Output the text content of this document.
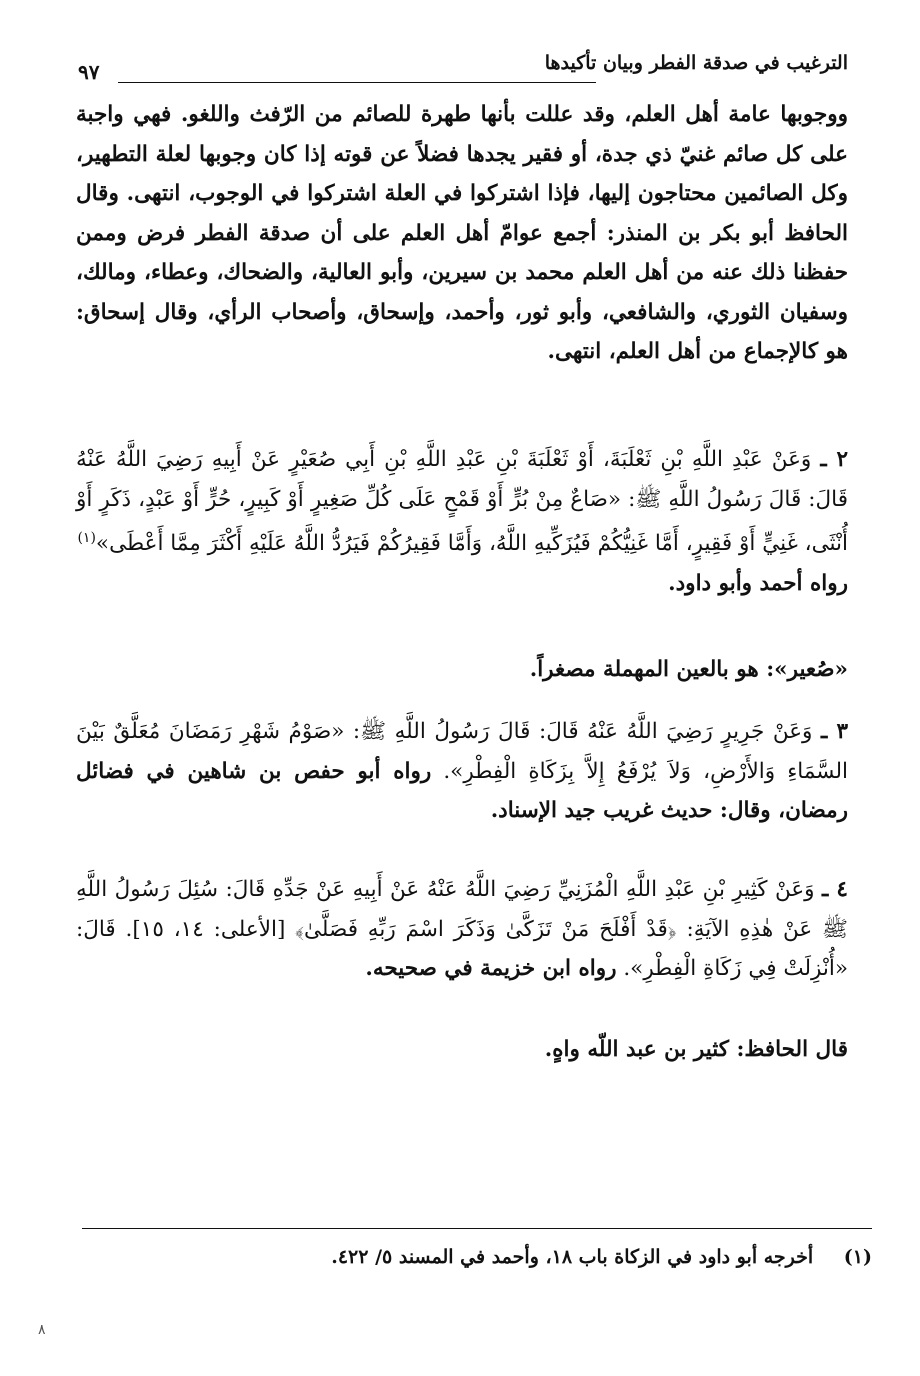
الترغيب في صدقة الفطر وبيان تأكيدها
٩٧

ووجوبها عامة أهل العلم، وقد عللت بأنها طهرة للصائم من الرّفث واللغو. فهي واجبة على كل صائم غنيّ ذي جدة، أو فقير يجدها فضلاً عن قوته إذا كان وجوبها لعلة التطهير، وكل الصائمين محتاجون إليها، فإذا اشتركوا في العلة اشتركوا في الوجوب، انتهى. وقال الحافظ أبو بكر بن المنذر: أجمع عوامّ أهل العلم على أن صدقة الفطر فرض وممن حفظنا ذلك عنه من أهل العلم محمد بن سيرين، وأبو العالية، والضحاك، وعطاء، ومالك، وسفيان الثوري، والشافعي، وأبو ثور، وأحمد، وإسحاق، وأصحاب الرأي، وقال إسحاق: هو كالإجماع من أهل العلم، انتهى.

٢ ـ وَعَنْ عَبْدِ اللَّهِ بْنِ ثَعْلَبَةَ، أَوْ ثَعْلَبَةَ بْنِ عَبْدِ اللَّهِ بْنِ أَبِي صُعَيْرٍ عَنْ أَبِيهِ رَضِيَ اللَّهُ عَنْهُ قَالَ: قَالَ رَسُولُ اللَّهِ ﷺ: «صَاعٌ مِنْ بُرٍّ أَوْ قَمْحٍ عَلَى كُلِّ صَغِيرٍ أَوْ كَبِيرٍ، حُرٍّ أَوْ عَبْدٍ، ذَكَرٍ أَوْ أُنْثَى، غَنِيٍّ أَوْ فَقِيرٍ، أَمَّا غَنِيُّكُمْ فَيُزَكِّيهِ اللَّهُ، وَأَمَّا فَقِيرُكُمْ فَيَرُدُّ اللَّهُ عَلَيْهِ أَكْثَرَ مِمَّا أَعْطَى»$^{(١)}$
رواه أحمد وأبو داود.

«صُعير»: هو بالعين المهملة مصغراً.

٣ ـ وَعَنْ جَرِيرٍ رَضِيَ اللَّهُ عَنْهُ قَالَ: قَالَ رَسُولُ اللَّهِ ﷺ: «صَوْمُ شَهْرِ رَمَضَانَ مُعَلَّقٌ بَيْنَ السَّمَاءِ وَالأَرْضِ، وَلاَ يُرْفَعُ إِلاَّ بِزَكَاةِ الْفِطْرِ». رواه أبو حفص بن شاهين في فضائل رمضان، وقال: حديث غريب جيد الإسناد.

٤ ـ وَعَنْ كَثِيرِ بْنِ عَبْدِ اللَّهِ الْمُزَنِيِّ رَضِيَ اللَّهُ عَنْهُ عَنْ أَبِيهِ عَنْ جَدِّهِ قَالَ: سُئِلَ رَسُولُ اللَّهِ ﷺ عَنْ هٰذِهِ الآيَةِ: ﴿قَدْ أَفْلَحَ مَنْ تَزَكَّىٰ وَذَكَرَ اسْمَ رَبِّهِ فَصَلَّىٰ﴾ [الأعلى: ١٤، ١٥]. قَالَ: «أُنْزِلَتْ فِي زَكَاةِ الْفِطْرِ». رواه ابن خزيمة في صحيحه.

قال الحافظ: كثير بن عبد اللّه واهٍ.

(١) أخرجه أبو داود في الزكاة باب ١٨، وأحمد في المسند ٥/ ٤٢٢.

٨
